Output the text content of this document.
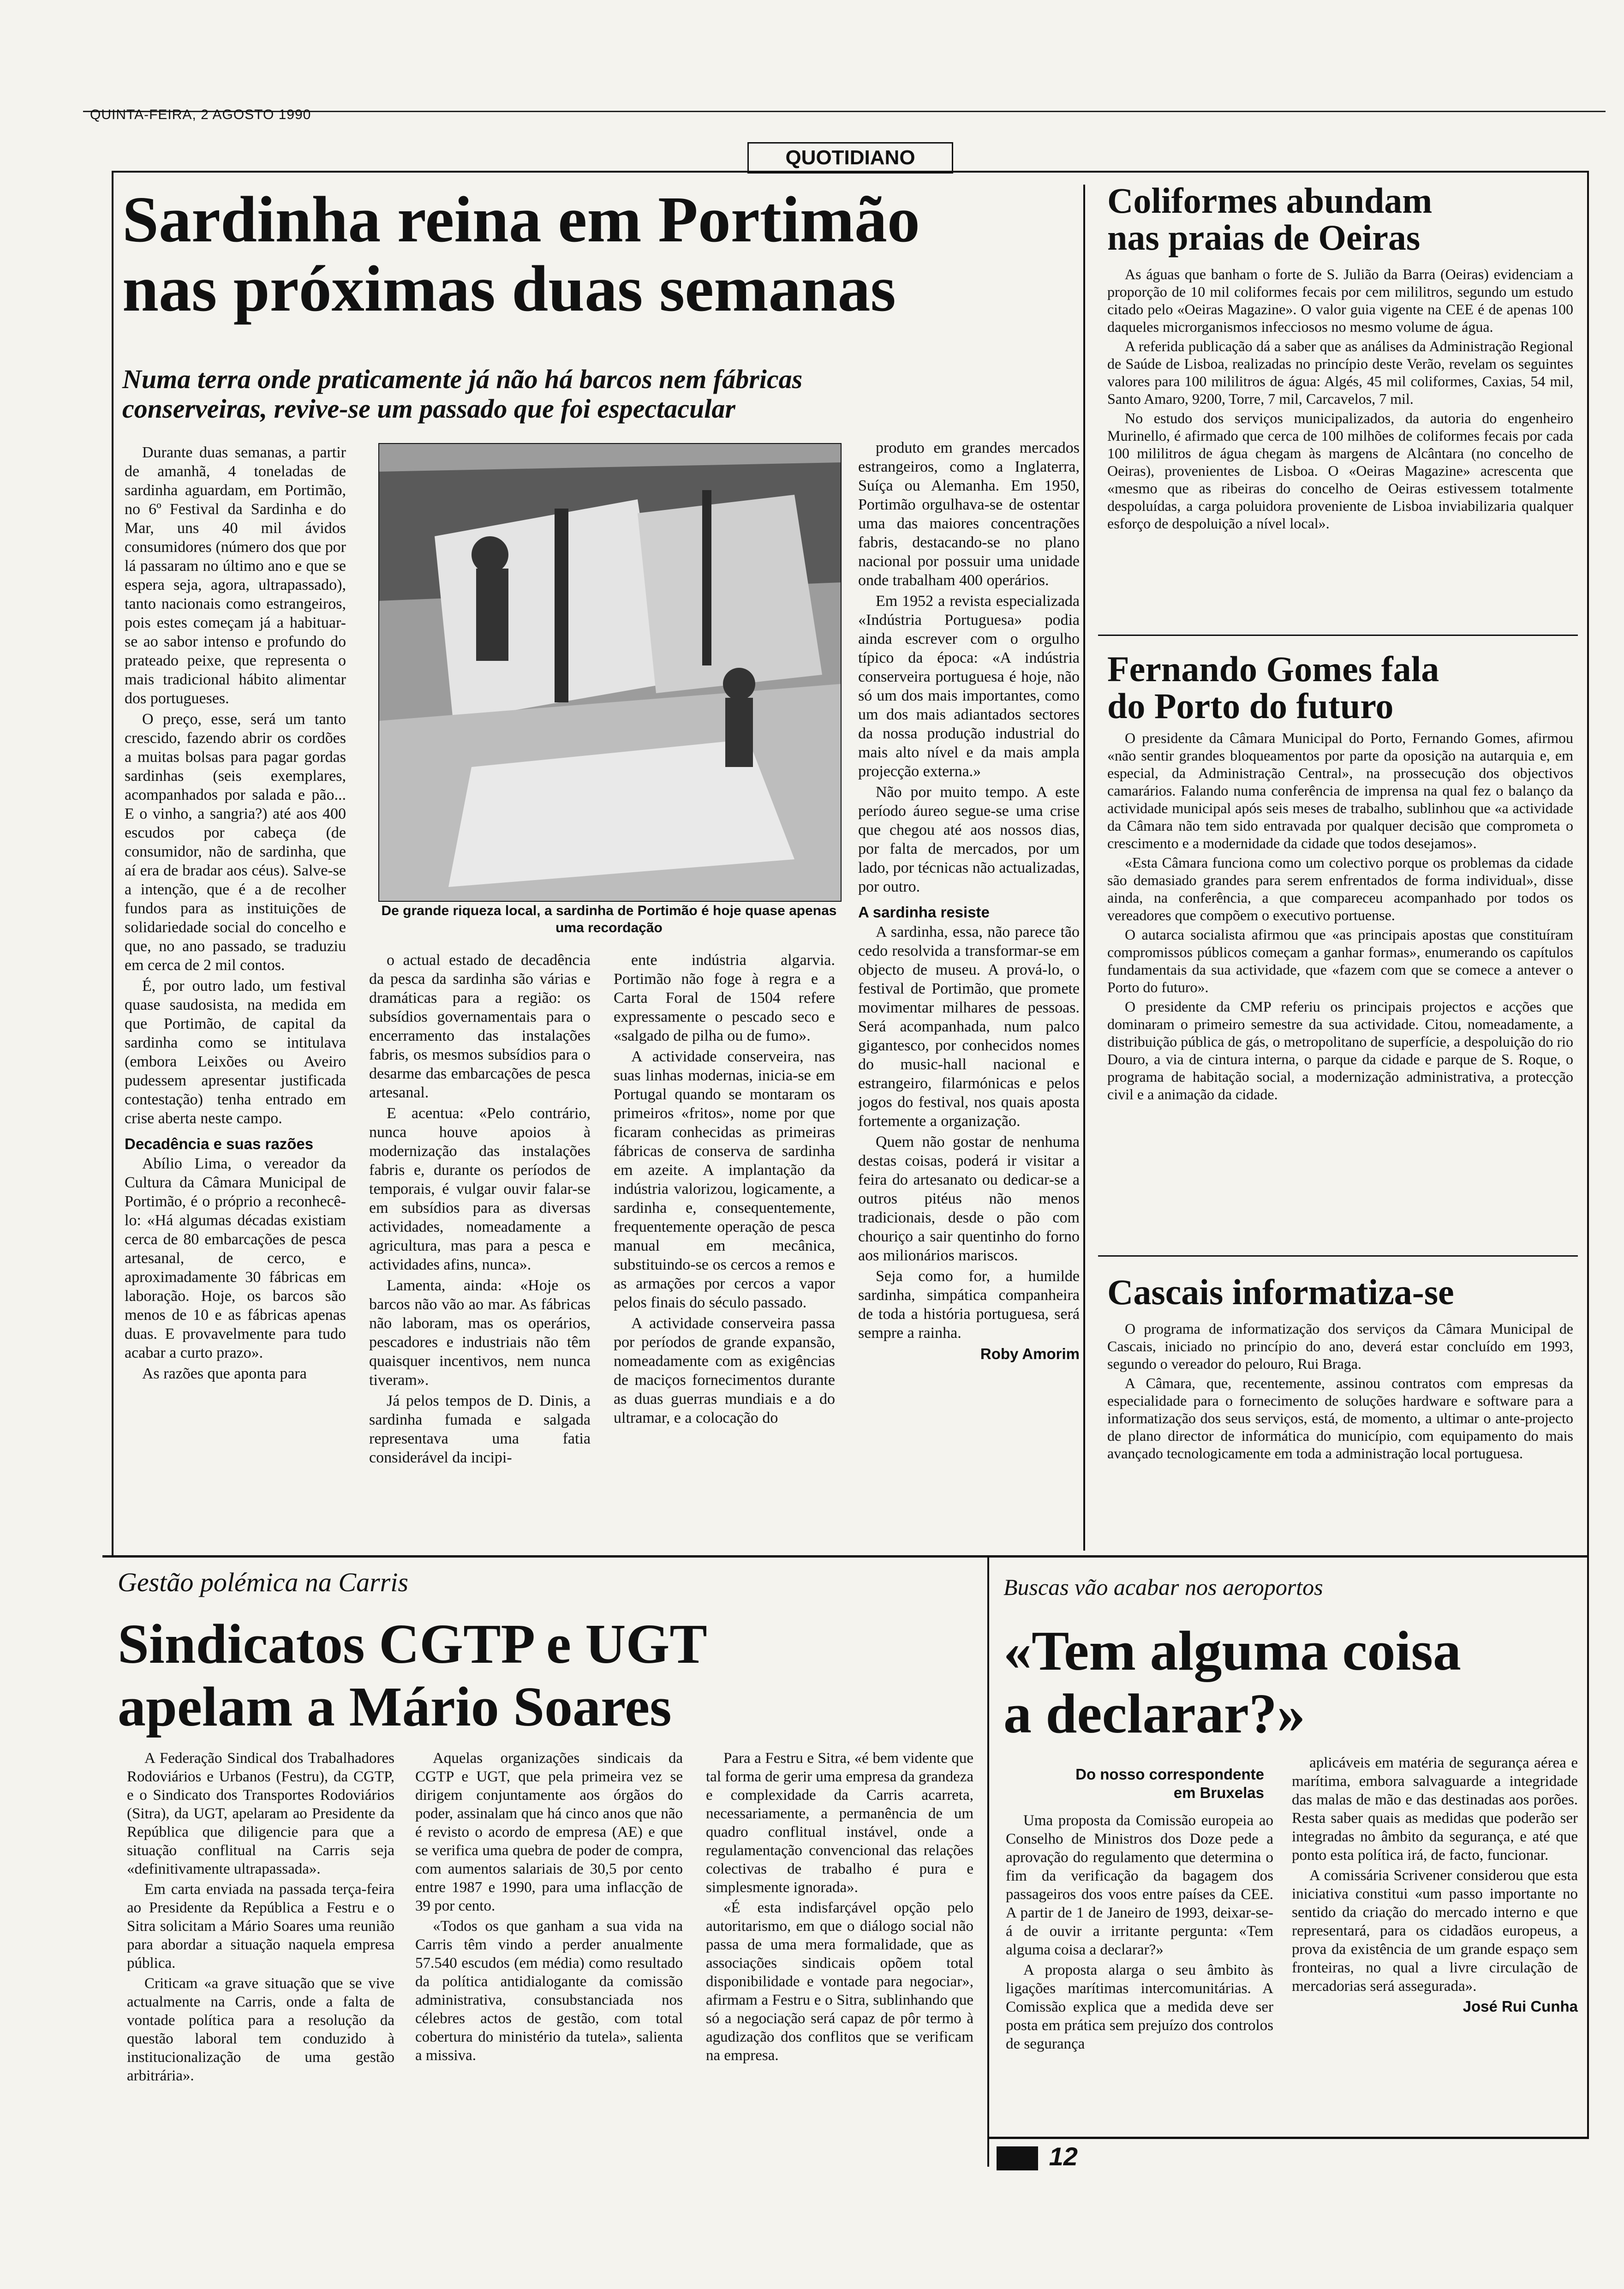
QUINTA-FEIRA, 2 AGOSTO 1990
QUOTIDIANO
Sardinha reina em Portimão
nas próximas duas semanas
Numa terra onde praticamente já não há barcos nem fábricas
conserveiras, revive-se um passado que foi espectacular

Durante duas semanas, a partir de amanhã, 4 toneladas de sardinha aguardam, em Portimão, no 6º Festival da Sardinha e do Mar, uns 40 mil ávidos consumidores (número dos que por lá passaram no último ano e que se espera seja, agora, ultrapassado), tanto nacionais como estrangeiros, pois estes começam já a habituar-se ao sabor intenso e profundo do prateado peixe, que representa o mais tradicional hábito alimentar dos portugueses.

O preço, esse, será um tanto crescido, fazendo abrir os cordões a muitas bolsas para pagar gordas sardinhas (seis exemplares, acompanhados por salada e pão... E o vinho, a sangria?) até aos 400 escudos por cabeça (de consumidor, não de sardinha, que aí era de bradar aos céus). Salve-se a intenção, que é a de recolher fundos para as instituições de solidariedade social do concelho e que, no ano passado, se traduziu em cerca de 2 mil contos.

É, por outro lado, um festival quase saudosista, na medida em que Portimão, de capital da sardinha como se intitulava (embora Leixões ou Aveiro pudessem apresentar justificada contestação) tenha entrado em crise aberta neste campo.

Decadência e suas razões

Abílio Lima, o vereador da Cultura da Câmara Municipal de Portimão, é o próprio a reconhecê-lo: «Há algumas décadas existiam cerca de 80 embarcações de pesca artesanal, de cerco, e aproximadamente 30 fábricas em laboração. Hoje, os barcos são menos de 10 e as fábricas apenas duas. E provavelmente para tudo acabar a curto prazo».

As razões que aponta para

De grande riqueza local, a sardinha de Portimão é hoje quase apenas uma recordação

o actual estado de decadência da pesca da sardinha são várias e dramáticas para a região: os subsídios governamentais para o encerramento das instalações fabris, os mesmos subsídios para o desarme das embarcações de pesca artesanal.

E acentua: «Pelo contrário, nunca houve apoios à modernização das instalações fabris e, durante os períodos de temporais, é vulgar ouvir falar-se em subsídios para as diversas actividades, nomeadamente a agricultura, mas para a pesca e actividades afins, nunca».

Lamenta, ainda: «Hoje os barcos não vão ao mar. As fábricas não laboram, mas os operários, pescadores e industriais não têm quaisquer incentivos, nem nunca tiveram».

Já pelos tempos de D. Dinis, a sardinha fumada e salgada representava uma fatia considerável da incipi-

ente indústria algarvia. Portimão não foge à regra e a Carta Foral de 1504 refere expressamente o pescado seco e «salgado de pilha ou de fumo».

A actividade conserveira, nas suas linhas modernas, inicia-se em Portugal quando se montaram os primeiros «fritos», nome por que ficaram conhecidas as primeiras fábricas de conserva de sardinha em azeite. A implantação da indústria valorizou, logicamente, a sardinha e, consequentemente, frequentemente operação de pesca manual em mecânica, substituindo-se os cercos a remos e as armações por cercos a vapor pelos finais do século passado.

A actividade conserveira passa por períodos de grande expansão, nomeadamente com as exigências de maciços fornecimentos durante as duas guerras mundiais e a do ultramar, e a colocação do

produto em grandes mercados estrangeiros, como a Inglaterra, Suíça ou Alemanha. Em 1950, Portimão orgulhava-se de ostentar uma das maiores concentrações fabris, destacando-se no plano nacional por possuir uma unidade onde trabalham 400 operários.

Em 1952 a revista especializada «Indústria Portuguesa» podia ainda escrever com o orgulho típico da época: «A indústria conserveira portuguesa é hoje, não só um dos mais importantes, como um dos mais adiantados sectores da nossa produção industrial do mais alto nível e da mais ampla projecção externa.»

Não por muito tempo. A este período áureo segue-se uma crise que chegou até aos nossos dias, por falta de mercados, por um lado, por técnicas não actualizadas, por outro.

A sardinha resiste

A sardinha, essa, não parece tão cedo resolvida a transformar-se em objecto de museu. A prová-lo, o festival de Portimão, que promete movimentar milhares de pessoas. Será acompanhada, num palco gigantesco, por conhecidos nomes do music-hall nacional e estrangeiro, filarmónicas e pelos jogos do festival, nos quais aposta fortemente a organização.

Quem não gostar de nenhuma destas coisas, poderá ir visitar a feira do artesanato ou dedicar-se a outros pitéus não menos tradicionais, desde o pão com chouriço a sair quentinho do forno aos milionários mariscos.

Seja como for, a humilde sardinha, simpática companheira de toda a história portuguesa, será sempre a rainha.

Roby Amorim
Coliformes abundam
nas praias de Oeiras

As águas que banham o forte de S. Julião da Barra (Oeiras) evidenciam a proporção de 10 mil coliformes fecais por cem mililitros, segundo um estudo citado pelo «Oeiras Magazine». O valor guia vigente na CEE é de apenas 100 daqueles microrganismos infecciosos no mesmo volume de água.

A referida publicação dá a saber que as análises da Administração Regional de Saúde de Lisboa, realizadas no princípio deste Verão, revelam os seguintes valores para 100 mililitros de água: Algés, 45 mil coliformes, Caxias, 54 mil, Santo Amaro, 9200, Torre, 7 mil, Carcavelos, 7 mil.

No estudo dos serviços municipalizados, da autoria do engenheiro Murinello, é afirmado que cerca de 100 milhões de coliformes fecais por cada 100 mililitros de água chegam às margens de Alcântara (no concelho de Oeiras), provenientes de Lisboa. O «Oeiras Magazine» acrescenta que «mesmo que as ribeiras do concelho de Oeiras estivessem totalmente despoluídas, a carga poluidora proveniente de Lisboa inviabilizaria qualquer esforço de despoluição a nível local».

Fernando Gomes fala
do Porto do futuro

O presidente da Câmara Municipal do Porto, Fernando Gomes, afirmou «não sentir grandes bloqueamentos por parte da oposição na autarquia e, em especial, da Administração Central», na prossecução dos objectivos camarários. Falando numa conferência de imprensa na qual fez o balanço da actividade municipal após seis meses de trabalho, sublinhou que «a actividade da Câmara não tem sido entravada por qualquer decisão que comprometa o crescimento e a modernidade da cidade que todos desejamos».

«Esta Câmara funciona como um colectivo porque os problemas da cidade são demasiado grandes para serem enfrentados de forma individual», disse ainda, na conferência, a que compareceu acompanhado por todos os vereadores que compõem o executivo portuense.

O autarca socialista afirmou que «as principais apostas que constituíram compromissos públicos começam a ganhar formas», enumerando os capítulos fundamentais da sua actividade, que «fazem com que se comece a antever o Porto do futuro».

O presidente da CMP referiu os principais projectos e acções que dominaram o primeiro semestre da sua actividade. Citou, nomeadamente, a distribuição pública de gás, o metropolitano de superfície, a despoluição do rio Douro, a via de cintura interna, o parque da cidade e parque de S. Roque, o programa de habitação social, a modernização administrativa, a protecção civil e a animação da cidade.

Cascais informatiza-se

O programa de informatização dos serviços da Câmara Municipal de Cascais, iniciado no princípio do ano, deverá estar concluído em 1993, segundo o vereador do pelouro, Rui Braga.

A Câmara, que, recentemente, assinou contratos com empresas da especialidade para o fornecimento de soluções hardware e software para a informatização dos seus serviços, está, de momento, a ultimar o ante-projecto de plano director de informática do município, com equipamento do mais avançado tecnologicamente em toda a administração local portuguesa.

Gestão polémica na Carris
Sindicatos CGTP e UGT
apelam a Mário Soares

A Federação Sindical dos Trabalhadores Rodoviários e Urbanos (Festru), da CGTP, e o Sindicato dos Transportes Rodoviários (Sitra), da UGT, apelaram ao Presidente da República que diligencie para que a situação conflitual na Carris seja «definitivamente ultrapassada».

Em carta enviada na passada terça-feira ao Presidente da República a Festru e o Sitra solicitam a Mário Soares uma reunião para abordar a situação naquela empresa pública.

Criticam «a grave situação que se vive actualmente na Carris, onde a falta de vontade política para a resolução da questão laboral tem conduzido à institucionalização de uma gestão arbitrária».

Aquelas organizações sindicais da CGTP e UGT, que pela primeira vez se dirigem conjuntamente aos órgãos do poder, assinalam que há cinco anos que não é revisto o acordo de empresa (AE) e que se verifica uma quebra de poder de compra, com aumentos salariais de 30,5 por cento entre 1987 e 1990, para uma inflacção de 39 por cento.

«Todos os que ganham a sua vida na Carris têm vindo a perder anualmente 57.540 escudos (em média) como resultado da política antidialogante da comissão administrativa, consubstanciada nos célebres actos de gestão, com total cobertura do ministério da tutela», salienta a missiva.

Para a Festru e Sitra, «é bem vidente que tal forma de gerir uma empresa da grandeza e complexidade da Carris acarreta, necessariamente, a permanência de um quadro conflitual instável, onde a regulamentação convencional das relações colectivas de trabalho é pura e simplesmente ignorada».

«É esta indisfarçável opção pelo autoritarismo, em que o diálogo social não passa de uma mera formalidade, que as associações sindicais opõem total disponibilidade e vontade para negociar», afirmam a Festru e o Sitra, sublinhando que só a negociação será capaz de pôr termo à agudização dos conflitos que se verificam na empresa.

Buscas vão acabar nos aeroportos
«Tem alguma coisa
a declarar?»
Do nosso correspondente
em Bruxelas

Uma proposta da Comissão europeia ao Conselho de Ministros dos Doze pede a aprovação do regulamento que determina o fim da verificação da bagagem dos passageiros dos voos entre países da CEE. A partir de 1 de Janeiro de 1993, deixar-se-á de ouvir a irritante pergunta: «Tem alguma coisa a declarar?»

A proposta alarga o seu âmbito às ligações marítimas intercomunitárias. A Comissão explica que a medida deve ser posta em prática sem prejuízo dos controlos de segurança

aplicáveis em matéria de segurança aérea e marítima, embora salvaguarde a integridade das malas de mão e das destinadas aos porões. Resta saber quais as medidas que poderão ser integradas no âmbito da segurança, e até que ponto esta política irá, de facto, funcionar.

A comissária Scrivener considerou que esta iniciativa constitui «um passo importante no sentido da criação do mercado interno e que representará, para os cidadãos europeus, a prova da existência de um grande espaço sem fronteiras, no qual a livre circulação de mercadorias será assegurada».

José Rui Cunha
12
